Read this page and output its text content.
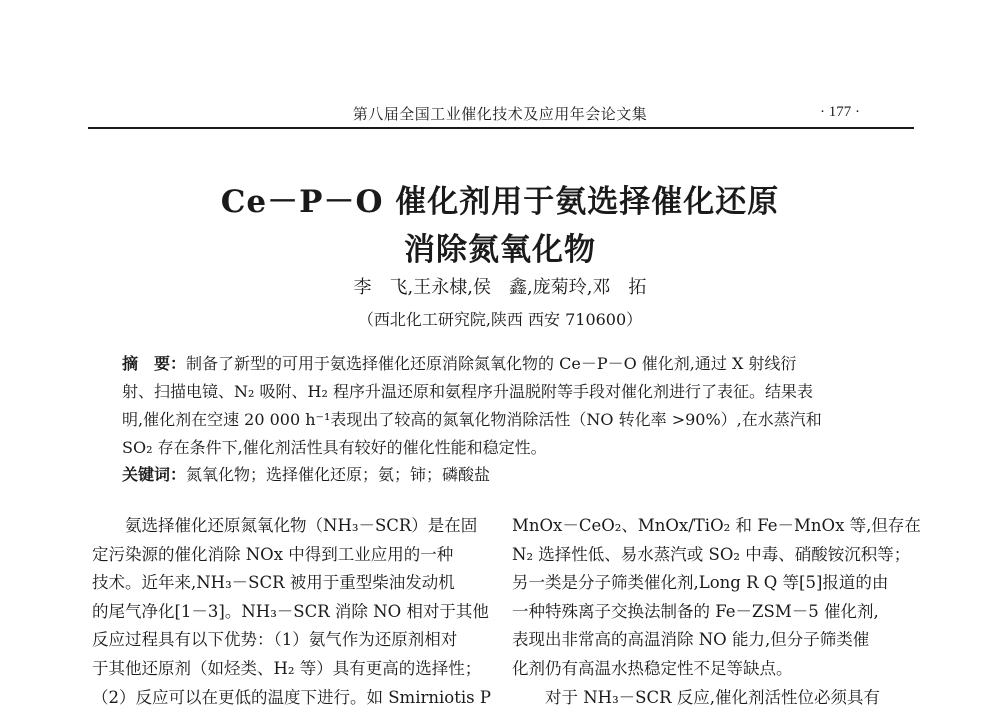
第八届全国工业催化技术及应用年会论文集	· 177 ·
Ce－P－O 催化剂用于氨选择催化还原
消除氮氧化物
李　飞,王永棣,侯　鑫,庞菊玲,邓　拓
（西北化工研究院,陕西 西安 710600）
摘　要：制备了新型的可用于氨选择催化还原消除氮氧化物的 Ce－P－O 催化剂,通过 X 射线衍
射、扫描电镜、N₂ 吸附、H₂ 程序升温还原和氨程序升温脱附等手段对催化剂进行了表征。结果表
明,催化剂在空速 20 000 h⁻¹表现出了较高的氮氧化物消除活性（NO 转化率 >90%）,在水蒸汽和
SO₂ 存在条件下,催化剂活性具有较好的催化性能和稳定性。
关键词：氮氧化物；选择催化还原；氨；铈；磷酸盐
　　氨选择催化还原氮氧化物（NH₃－SCR）是在固
定污染源的催化消除 NOx 中得到工业应用的一种
技术。近年来,NH₃－SCR 被用于重型柴油发动机
的尾气净化[1－3]。NH₃－SCR 消除 NO 相对于其他
反应过程具有以下优势：（1）氨气作为还原剂相对
于其他还原剂（如烃类、H₂ 等）具有更高的选择性；
（2）反应可以在更低的温度下进行。如 Smirniotis P
MnOx－CeO₂、MnOx/TiO₂ 和 Fe－MnOx 等,但存在
N₂ 选择性低、易水蒸汽或 SO₂ 中毒、硝酸铵沉积等；
另一类是分子筛类催化剂,Long R Q 等[5]报道的由
一种特殊离子交换法制备的 Fe－ZSM－5 催化剂,
表现出非常高的高温消除 NO 能力,但分子筛类催
化剂仍有高温水热稳定性不足等缺点。
　　对于 NH₃－SCR 反应,催化剂活性位必须具有
